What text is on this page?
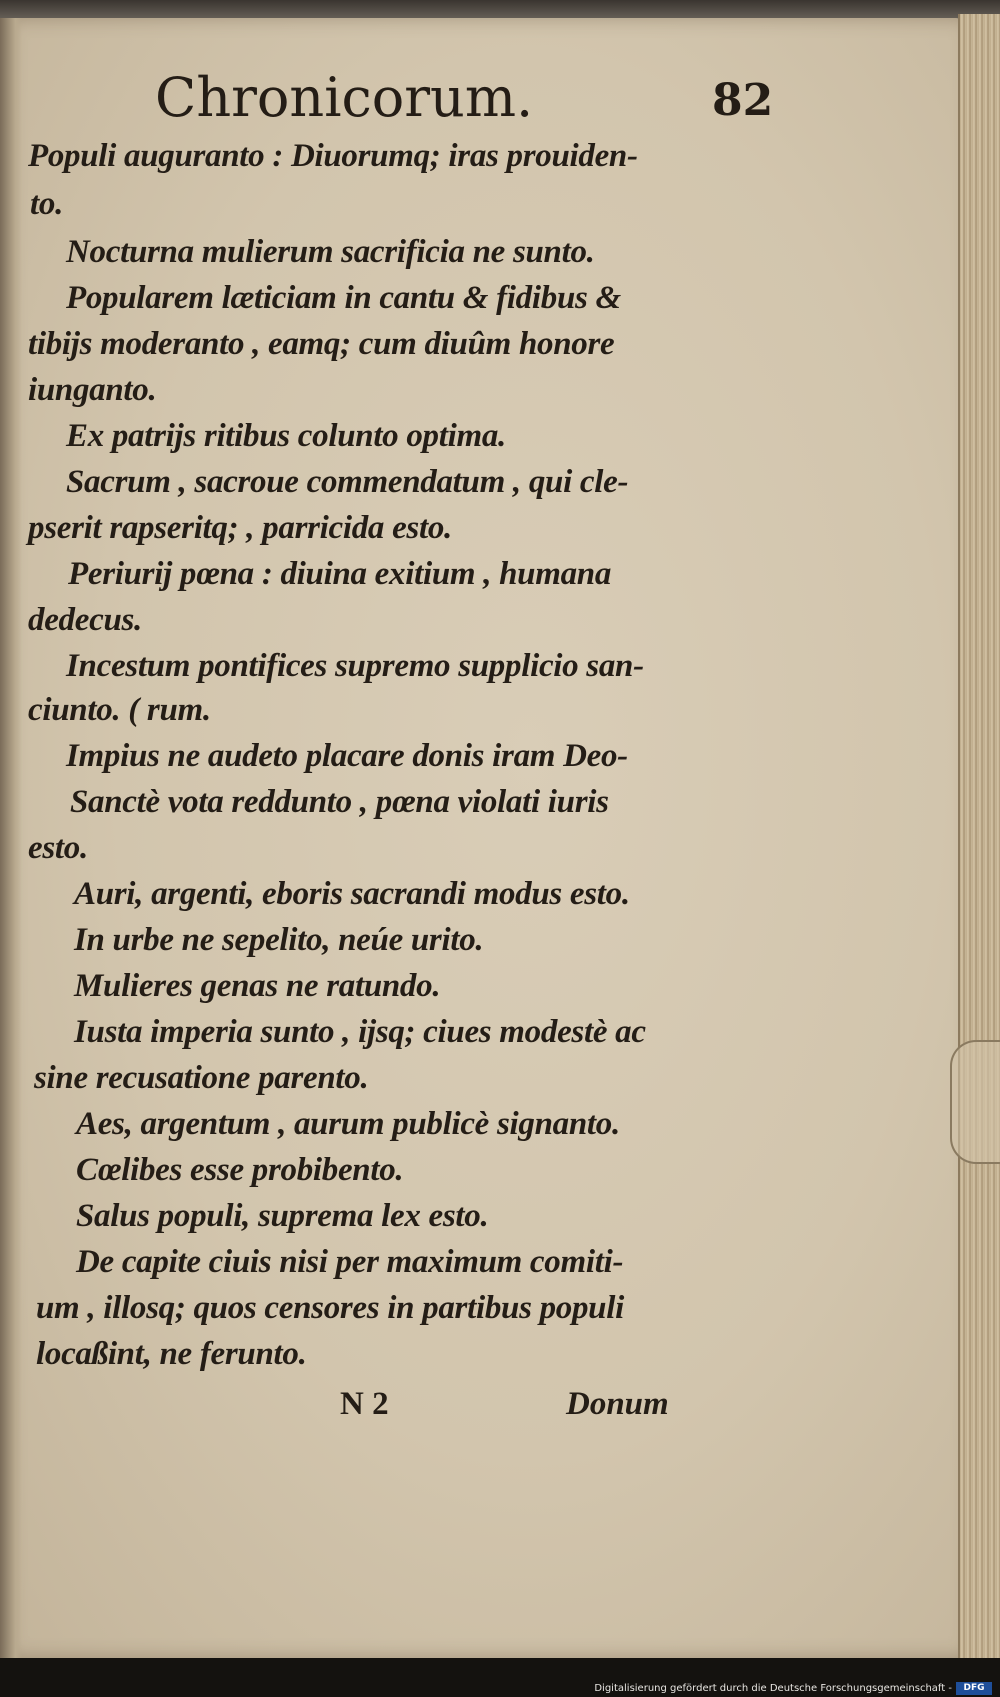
Chronicorum.	82
Populi auguranto : Diuorumq; iras prouiden-
to.
Nocturna mulierum sacrificia ne sunto.
Popularem læticiam in cantu & fidibus &
tibijs moderanto , eamq; cum diuûm honore
iunganto.
Ex patrijs ritibus colunto optima.
Sacrum , sacroue commendatum , qui cle-
pserit rapseritq; , parricida esto.
Periurij pœna : diuina exitium , humana
dedecus.
Incestum pontifices supremo supplicio san-
ciunto. ( rum.
Impius ne audeto placare donis iram Deo-
Sanctè vota reddunto , pœna violati iuris
esto.
Auri, argenti, eboris sacrandi modus esto.
In urbe ne sepelito, neúe urito.
Mulieres genas ne ratundo.
Iusta imperia sunto , ijsq; ciues modestè ac
sine recusatione parento.
Aes, argentum , aurum publicè signanto.
Cœlibes esse probibento.
Salus populi, suprema lex esto.
De capite ciuis nisi per maximum comiti-
um , illosq; quos censores in partibus populi
locaßint, ne ferunto.
N 2	Donum
Digitalisierung gefördert durch die Deutsche Forschungsgemeinschaft -	DFG
